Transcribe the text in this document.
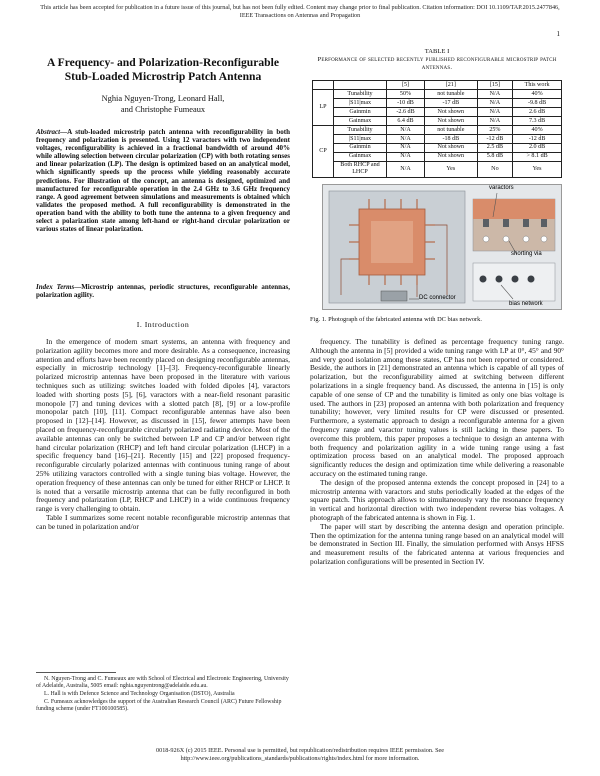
This article has been accepted for publication in a future issue of this journal, but has not been fully edited. Content may change prior to final publication. Citation information: DOI 10.1109/TAP.2015.2477846, IEEE Transactions on Antennas and Propagation
1
A Frequency- and Polarization-Reconfigurable Stub-Loaded Microstrip Patch Antenna
Nghia Nguyen-Trong, Leonard Hall,
and Christophe Fumeaux
Abstract—A stub-loaded microstrip patch antenna with reconfigurability in both frequency and polarization is presented. Using 12 varactors with two independent voltages, reconfigurability is achieved in a fractional bandwidth of around 40% while allowing selection between circular polarization (CP) with both rotating senses and linear polarization (LP). The design is optimized based on an analytical model, which significantly speeds up the process while yielding reasonably accurate predictions. For illustration of the concept, an antenna is designed, optimized and manufactured for reconfigurable operation in the 2.4 GHz to 3.6 GHz frequency range. A good agreement between simulations and measurements is obtained which validates the proposed method. A full reconfigurability is demonstrated in the operation band with the ability to both tune the antenna to a given frequency and select a polarization state among left-hand or right-hand circular polarization or various states of linear polarization.
Index Terms—Microstrip antennas, periodic structures, reconfigurable antennas, polarization agility.
I. Introduction

In the emergence of modern smart systems, an antenna with frequency and polarization agility becomes more and more desirable. As a consequence, increasing attention and efforts have been recently placed on designing reconfigurable antennas, especially in microstrip technology [1]–[3]. Frequency-reconfigurable linearly polarized microstrip antennas have been proposed in the literature with various techniques such as utilizing: switches loaded with folded dipoles [4], varactors loaded with shorting posts [5], [6], varactors with a near-field resonant parasitic monopole [7] and tuning devices with a slotted patch [8], [9] or a low-profile monopolar patch [10], [11]. Compact reconfigurable antennas have also been proposed in [12]–[14]. However, as discussed in [15], fewer attempts have been placed on frequency-reconfigurable circularly polarized radiating device. Most of the available antennas can only be switched between LP and CP and/or between right hand circular polarization (RHCP) and left hand circular polarization (LHCP) in a specific frequency band [16]–[21]. Recently [15] and [22] proposed frequency-reconfigurable circularly polarized antennas with continuous tuning range of about 25% utilizing varactors controlled with a single tuning bias voltage. However, the operation frequency of these antennas can only be tuned for either RHCP or LHCP. It is noted that a versatile microstrip antenna that can be fully reconfigured in both frequency and polarization (LP, RHCP and LHCP) in a wide continuous frequency range is very challenging to obtain.

Table I summarizes some recent notable reconfigurable microstrip antennas that can be tuned in polarization and/or

N. Nguyen-Trong and C. Fumeaux are with School of Electrical and Electronic Engineering, University of Adelaide, Australia, 5005 email: nghia.nguyentrong@adelaide.edu.au.

L. Hall is with Defence Science and Technology Organisation (DSTO), Australia

C. Fumeaux acknowledges the support of the Australian Research Council (ARC) Future Fellowship funding scheme (under FT100100585).

TABLE I
Performance of selected recently published reconfigurable microstrip patch antennas.
		[5]	[21]	[15]	This work
LP	Tunability	50%	not tunable	N/A	40%
	|S11|max	-10 dB	-17 dB	N/A	-9.8 dB
	Gainmin	-2.6 dB	Not shown	N/A	2.6 dB
	Gainmax	6.4 dB	Not shown	N/A	7.3 dB
CP	Tunability	N/A	not tunable	25%	40%
	|S11|max	N/A	-18 dB	-12 dB	-12 dB
	Gainmin	N/A	Not shown	2.5 dB	2.0 dB
	Gainmax	N/A	Not shown	5.8 dB	> 8.1 dB
	Both RHCP and LHCP	N/A	Yes	No	Yes
varactors
shorting via
DC connector
bias network
Fig. 1. Photograph of the fabricated antenna with DC bias network.

frequency. The tunability is defined as percentage frequency tuning range. Although the antenna in [5] provided a wide tuning range with LP at 0°, 45° and 90° and very good isolation among these states, CP has not been reported or considered. Beside, the authors in [21] demonstrated an antenna which is capable of all types of polarization, but the reconfigurability aimed at switching between different polarizations in a single frequency band. As discussed, the antenna in [15] is only capable of one sense of CP and the tunability is limited as only one bias voltage is used. The authors in [23] proposed an antenna with both polarization and frequency tunability; however, very limited results for CP were discussed or presented. Furthermore, a systematic approach to design a reconfigurable antenna for a given frequency range and varactor tuning values is still lacking in these papers. To overcome this problem, this paper proposes a technique to design an antenna with both frequency and polarization agility in a wide tuning range using a fast optimization process based on an analytical model. The proposed approach significantly reduces the design and optimization time while delivering a reasonable accuracy on the estimated tuning range.

The design of the proposed antenna extends the concept proposed in [24] to a microstrip antenna with varactors and stubs periodically loaded at the edges of the square patch. This approach allows to simultaneously vary the resonance frequency in vertical and horizontal direction with two independent reverse bias voltages. A photograph of the fabricated antenna is shown in Fig. 1.

The paper will start by describing the antenna design and operation principle. Then the optimization for the antenna tuning range based on an analytical model will be demonstrated in Section III. Finally, the simulation performed with Ansys HFSS and measurement results of the fabricated antenna at various frequencies and polarization configurations will be presented in Section IV.

0018-926X (c) 2015 IEEE. Personal use is permitted, but republication/redistribution requires IEEE permission. See http://www.ieee.org/publications_standards/publications/rights/index.html for more information.
